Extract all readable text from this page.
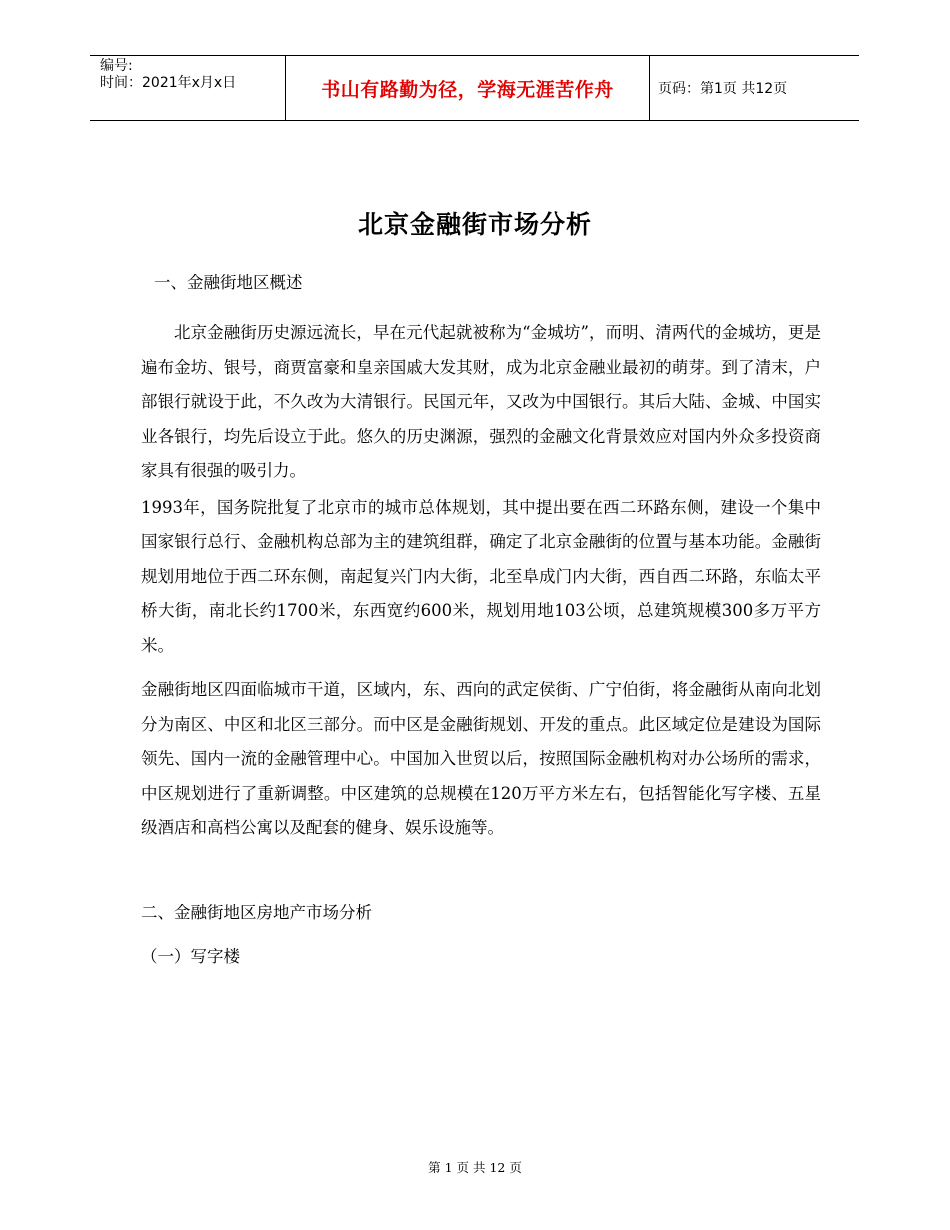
编号:
时间：2021年x月x日	书山有路勤为径，学海无涯苦作舟	页码：第1页 共12页
北京金融街市场分析

一、金融街地区概述

北京金融街历史源远流长，早在元代起就被称为“金城坊”，而明、清两代的金城坊，更是遍布金坊、银号，商贾富豪和皇亲国戚大发其财，成为北京金融业最初的萌芽。到了清末，户部银行就设于此，不久改为大清银行。民国元年，又改为中国银行。其后大陆、金城、中国实业各银行，均先后设立于此。悠久的历史渊源，强烈的金融文化背景效应对国内外众多投资商家具有很强的吸引力。

1993年，国务院批复了北京市的城市总体规划，其中提出要在西二环路东侧，建设一个集中国家银行总行、金融机构总部为主的建筑组群，确定了北京金融街的位置与基本功能。金融街规划用地位于西二环东侧，南起复兴门内大街，北至阜成门内大街，西自西二环路，东临太平桥大街，南北长约1700米，东西宽约600米，规划用地103公顷，总建筑规模300多万平方米。

金融街地区四面临城市干道，区域内，东、西向的武定侯街、广宁伯街，将金融街从南向北划分为南区、中区和北区三部分。而中区是金融街规划、开发的重点。此区域定位是建设为国际领先、国内一流的金融管理中心。中国加入世贸以后，按照国际金融机构对办公场所的需求，中区规划进行了重新调整。中区建筑的总规模在120万平方米左右，包括智能化写字楼、五星级酒店和高档公寓以及配套的健身、娱乐设施等。

二、金融街地区房地产市场分析

（一）写字楼

第 1 页 共 12 页
